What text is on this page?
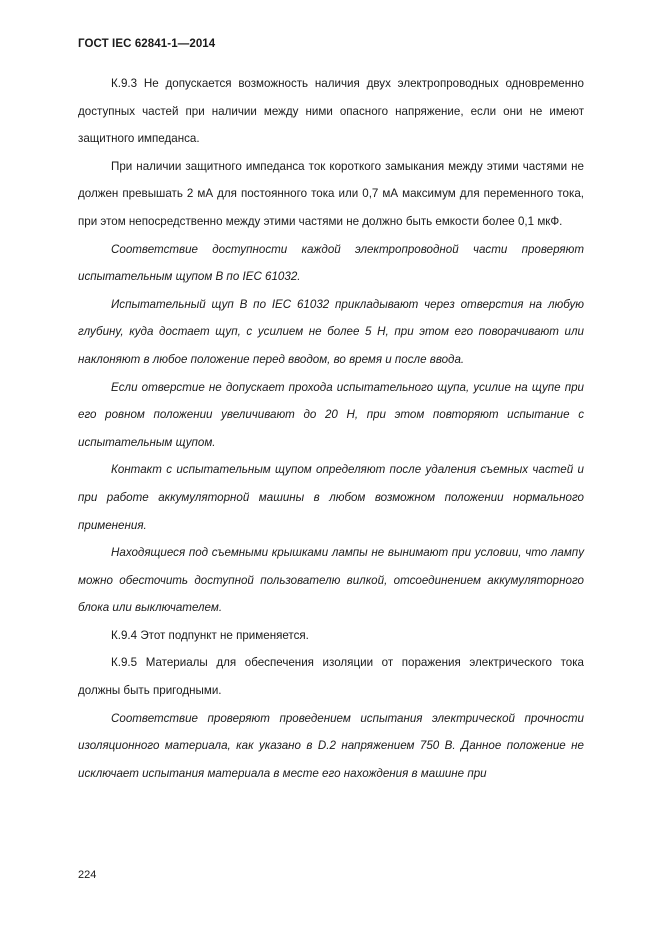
ГОСТ IEC 62841-1—2014

К.9.3 Не допускается возможность наличия двух электропроводных одновременно доступных частей при наличии между ними опасного напряжение, если они не имеют защитного импеданса.

При наличии защитного импеданса ток короткого замыкания между этими частями не должен превышать 2 мА для постоянного тока или 0,7 мА максимум для переменного тока, при этом непосредственно между этими частями не должно быть емкости более 0,1 мкФ.

Соответствие доступности каждой электропроводной части проверяют испытательным щупом В по IEC 61032.

Испытательный щуп В по IEC 61032 прикладывают через отверстия на любую глубину, куда достает щуп, с усилием не более 5 Н, при этом его поворачивают или наклоняют в любое положение перед вводом, во время и после ввода.

Если отверстие не допускает прохода испытательного щупа, усилие на щупе при его ровном положении увеличивают до 20 Н, при этом повторяют испытание с испытательным щупом.

Контакт с испытательным щупом определяют после удаления съемных частей и при работе аккумуляторной машины в любом возможном положении нормального применения.

Находящиеся под съемными крышками лампы не вынимают при условии, что лампу можно обесточить доступной пользователю вилкой, отсоединением аккумуляторного блока или выключателем.

К.9.4 Этот подпункт не применяется.

К.9.5 Материалы для обеспечения изоляции от поражения электрического тока должны быть пригодными.

Соответствие проверяют проведением испытания электрической прочности изоляционного материала, как указано в D.2 напряжением 750 В. Данное положение не исключает испытания материала в месте его нахождения в машине при

224
